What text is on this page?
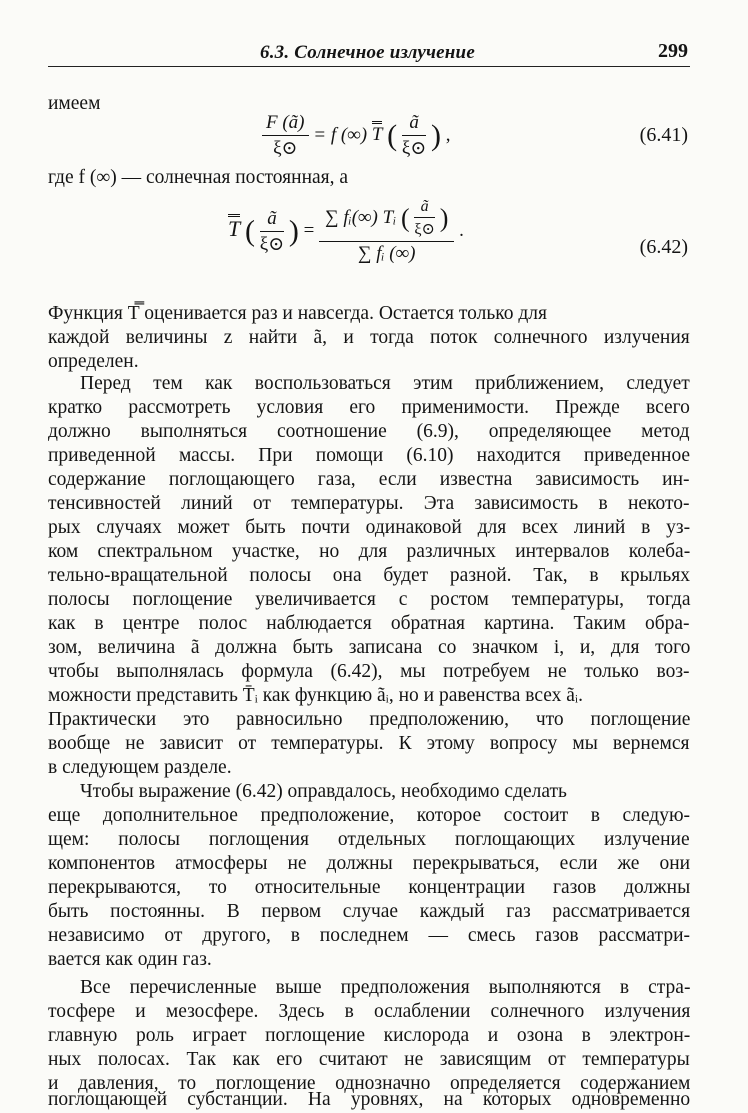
6.3. Солнечное излучение	299
имеем
$\frac{F (ã)}{\xi⊙} = f$ (∞) T ( $\frac{ã}{\xi⊙}$ ) ,	(6.41)
где f (∞) — солнечная постоянная, а
T ( $\frac{ã}{\xi⊙}$ ) =
∑ fᵢ(∞) Tᵢ ( $\frac{ã}{\xi⊙}$ )
∑ fᵢ (∞)
.
(6.42)
Функция T̿ оценивается раз и навсегда. Остается только для
каждой величины z найти ã, и тогда поток солнечного излучения
определен.
Перед тем как воспользоваться этим приближением, следует
кратко рассмотреть условия его применимости. Прежде всего
должно выполняться соотношение (6.9), определяющее метод
приведенной массы. При помощи (6.10) находится приведенное
содержание поглощающего газа, если известна зависимость ин-
тенсивностей линий от температуры. Эта зависимость в некото-
рых случаях может быть почти одинаковой для всех линий в уз-
ком спектральном участке, но для различных интервалов колеба-
тельно-вращательной полосы она будет разной. Так, в крыльях
полосы поглощение увеличивается с ростом температуры, тогда
как в центре полос наблюдается обратная картина. Таким обра-
зом, величина ã должна быть записана со значком i, и, для того
чтобы выполнялась формула (6.42), мы потребуем не только воз-
можности представить T̄ᵢ как функцию ãᵢ, но и равенства всех ãᵢ.
Практически это равносильно предположению, что поглощение
вообще не зависит от температуры. К этому вопросу мы вернемся
в следующем разделе.
Чтобы выражение (6.42) оправдалось, необходимо сделать
еще дополнительное предположение, которое состоит в следую-
щем: полосы поглощения отдельных поглощающих излучение
компонентов атмосферы не должны перекрываться, если же они
перекрываются, то относительные концентрации газов должны
быть постоянны. В первом случае каждый газ рассматривается
независимо от другого, в последнем — смесь газов рассматри-
вается как один газ.
Все перечисленные выше предположения выполняются в стра-
тосфере и мезосфере. Здесь в ослаблении солнечного излучения
главную роль играет поглощение кислорода и озона в электрон-
ных полосах. Так как его считают не зависящим от температуры
и давления, то поглощение однозначно определяется содержанием
поглощающей субстанции. На уровнях, на которых одновременно
